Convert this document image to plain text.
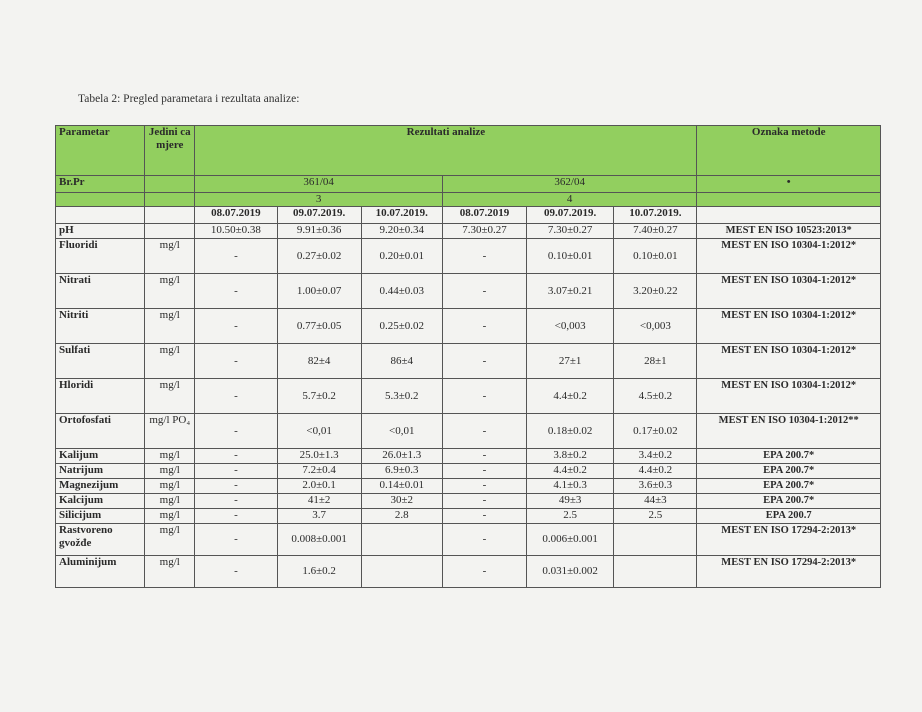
Tabela 2: Pregled parametara i rezultata analize:
Parametar	Jedini ca mjere	Rezultati analize						Oznaka metode
Br.Pr		361/04			362/04			•
		3			4			
		08.07.2019	09.07.2019.	10.07.2019.	08.07.2019	09.07.2019.	10.07.2019.	
pH		10.50±0.38	9.91±0.36	9.20±0.34	7.30±0.27	7.30±0.27	7.40±0.27	MEST EN ISO 10523:2013*
Fluoridi	mg/l	-	0.27±0.02	0.20±0.01	-	0.10±0.01	0.10±0.01	MEST EN ISO 10304-1:2012*
Nitrati	mg/l	-	1.00±0.07	0.44±0.03	-	3.07±0.21	3.20±0.22	MEST EN ISO 10304-1:2012*
Nitriti	mg/l	-	0.77±0.05	0.25±0.02	-	<0,003	<0,003	MEST EN ISO 10304-1:2012*
Sulfati	mg/l	-	82±4	86±4	-	27±1	28±1	MEST EN ISO 10304-1:2012*
Hloridi	mg/l	-	5.7±0.2	5.3±0.2	-	4.4±0.2	4.5±0.2	MEST EN ISO 10304-1:2012*
Ortofosfati	mg/l PO₄	-	<0,01	<0,01	-	0.18±0.02	0.17±0.02	MEST EN ISO 10304-1:2012**
Kalijum	mg/l	-	25.0±1.3	26.0±1.3	-	3.8±0.2	3.4±0.2	EPA 200.7*
Natrijum	mg/l	-	7.2±0.4	6.9±0.3	-	4.4±0.2	4.4±0.2	EPA 200.7*
Magnezijum	mg/l	-	2.0±0.1	0.14±0.01	-	4.1±0.3	3.6±0.3	EPA 200.7*
Kalcijum	mg/l	-	41±2	30±2	-	49±3	44±3	EPA 200.7*
Silicijum	mg/l	-	3.7	2.8	-	2.5	2.5	EPA 200.7
Rastvoreno gvožđe	mg/l	-	0.008±0.001		-	0.006±0.001		MEST EN ISO 17294-2:2013*
Aluminijum	mg/l	-	1.6±0.2		-	0.031±0.002		MEST EN ISO 17294-2:2013*
